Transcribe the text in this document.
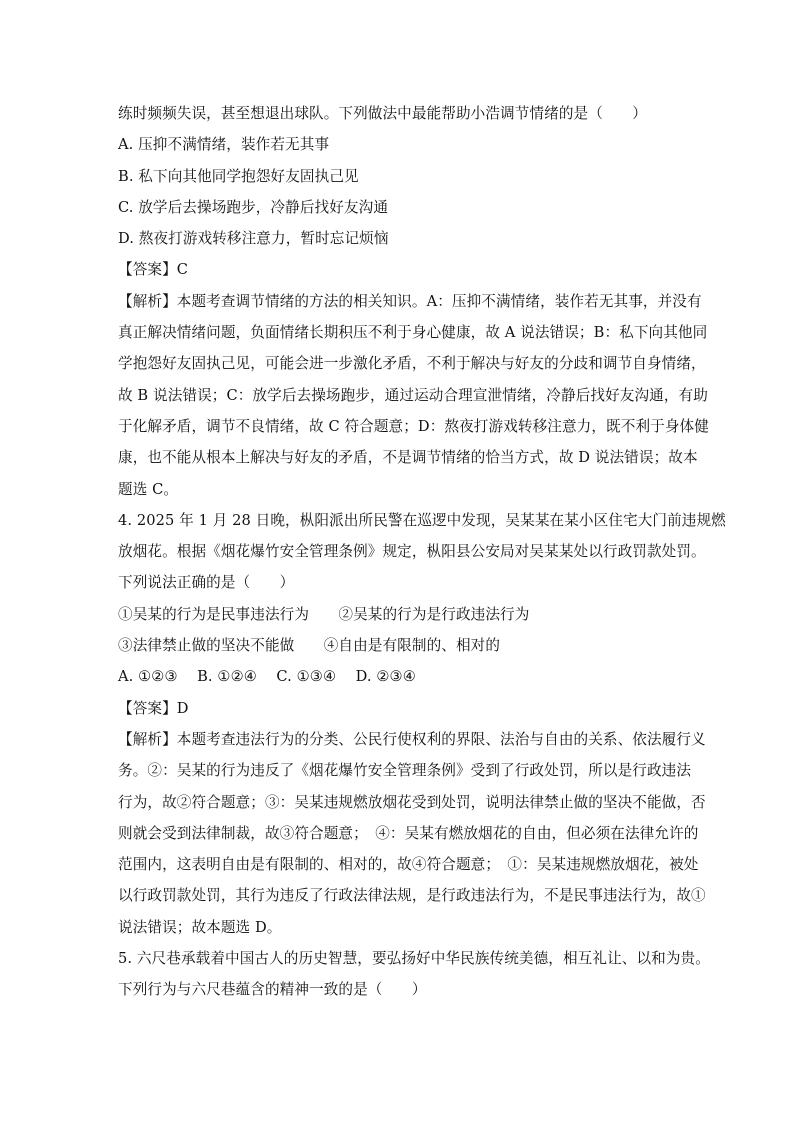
练时频频失误，甚至想退出球队。下列做法中最能帮助小浩调节情绪的是（　　）
A. 压抑不满情绪，装作若无其事
B. 私下向其他同学抱怨好友固执己见
C. 放学后去操场跑步，冷静后找好友沟通
D. 熬夜打游戏转移注意力，暂时忘记烦恼
【答案】C
【解析】本题考查调节情绪的方法的相关知识。A：压抑不满情绪，装作若无其事，并没有
真正解决情绪问题，负面情绪长期积压不利于身心健康，故 A 说法错误；B：私下向其他同
学抱怨好友固执己见，可能会进一步激化矛盾，不利于解决与好友的分歧和调节自身情绪，
故 B 说法错误；C：放学后去操场跑步，通过运动合理宣泄情绪，冷静后找好友沟通，有助
于化解矛盾，调节不良情绪，故 C 符合题意；D：熬夜打游戏转移注意力，既不利于身体健
康，也不能从根本上解决与好友的矛盾，不是调节情绪的恰当方式，故 D 说法错误；故本
题选 C。
4. 2025 年 1 月 28 日晚，枞阳派出所民警在巡逻中发现，吴某某在某小区住宅大门前违规燃
放烟花。根据《烟花爆竹安全管理条例》规定，枞阳县公安局对吴某某处以行政罚款处罚。
下列说法正确的是（　　）
①吴某的行为是民事违法行为　　②吴某的行为是行政违法行为
③法律禁止做的坚决不能做　　④自由是有限制的、相对的
A. ①②③　 B. ①②④　 C. ①③④　 D. ②③④
【答案】D
【解析】本题考查违法行为的分类、公民行使权利的界限、法治与自由的关系、依法履行义
务。②：吴某的行为违反了《烟花爆竹安全管理条例》受到了行政处罚，所以是行政违法
行为，故②符合题意；③：吴某违规燃放烟花受到处罚，说明法律禁止做的坚决不能做，否
则就会受到法律制裁，故③符合题意；　④：吴某有燃放烟花的自由，但必须在法律允许的
范围内，这表明自由是有限制的、相对的，故④符合题意；　①：吴某违规燃放烟花，被处
以行政罚款处罚，其行为违反了行政法律法规，是行政违法行为，不是民事违法行为，故①
说法错误；故本题选 D。
5. 六尺巷承载着中国古人的历史智慧，要弘扬好中华民族传统美德，相互礼让、以和为贵。
下列行为与六尺巷蕴含的精神一致的是（　　）
